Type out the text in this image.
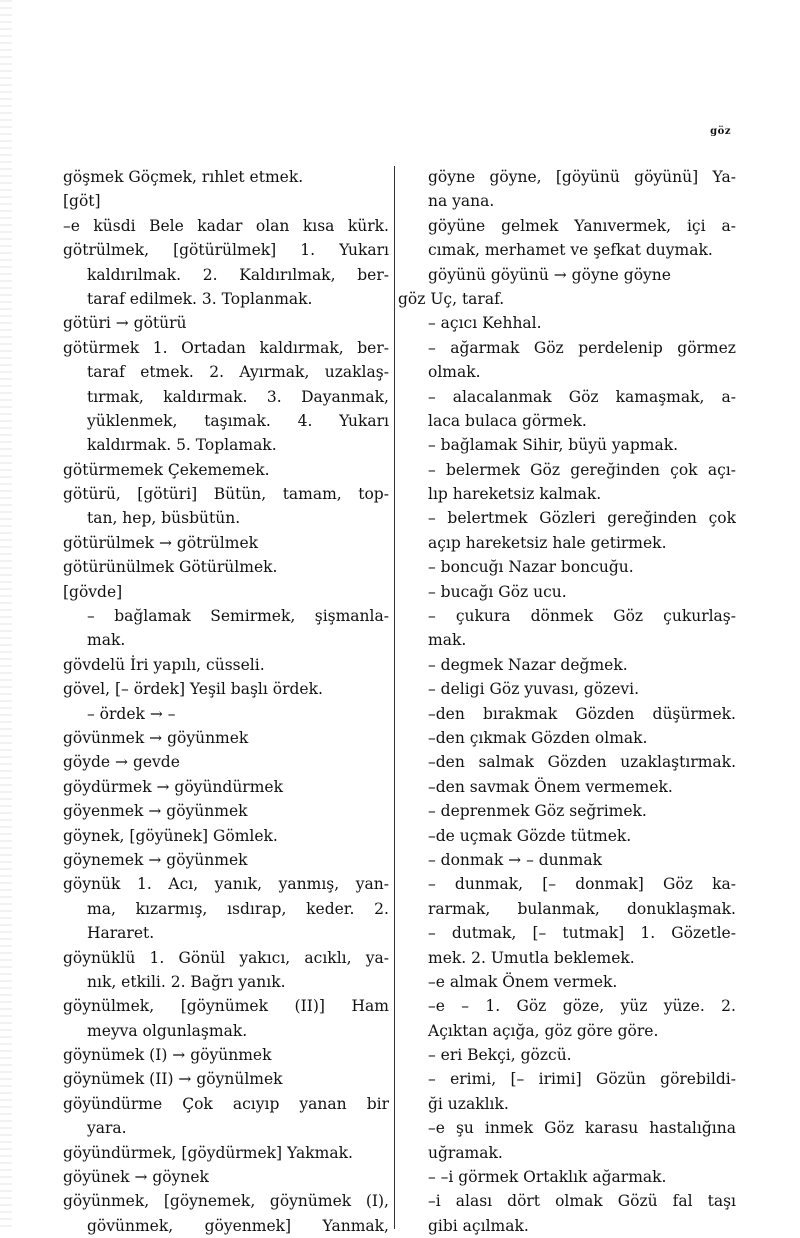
göz
göşmek Göçmek, rıhlet etmek.
[göt]
–e küsdi Bele kadar olan kısa kürk.
götrülmek, [götürülmek] 1. Yukarı
kaldırılmak. 2. Kaldırılmak, ber-
taraf edilmek. 3. Toplanmak.
götüri → götürü
götürmek 1. Ortadan kaldırmak, ber-
taraf etmek. 2. Ayırmak, uzaklaş-
tırmak, kaldırmak. 3. Dayanmak,
yüklenmek, taşımak. 4. Yukarı
kaldırmak. 5. Toplamak.
götürmemek Çekememek.
götürü, [götüri] Bütün, tamam, top-
tan, hep, büsbütün.
götürülmek → götrülmek
götürünülmek Götürülmek.
[gövde]
– bağlamak Semirmek, şişmanla-
mak.
gövdelü İri yapılı, cüsseli.
gövel, [– ördek] Yeşil başlı ördek.
– ördek → –
gövünmek → göyünmek
göyde → gevde
göydürmek → göyündürmek
göyenmek → göyünmek
göynek, [göyünek] Gömlek.
göynemek → göyünmek
göynük 1. Acı, yanık, yanmış, yan-
ma, kızarmış, ısdırap, keder. 2.
Hararet.
göynüklü 1. Gönül yakıcı, acıklı, ya-
nık, etkili. 2. Bağrı yanık.
göynülmek, [göynümek (II)] Ham
meyva olgunlaşmak.
göynümek (I) → göyünmek
göynümek (II) → göynülmek
göyündürme Çok acıyıp yanan bir
yara.
göyündürmek, [göydürmek] Yakmak.
göyünek → göynek
göyünmek, [göynemek, göynümek (I),
gövünmek, göyenmek] Yanmak,
göyne göyne, [göyünü göyünü] Ya-
na yana.
göyüne gelmek Yanıvermek, içi a-
cımak, merhamet ve şefkat duymak.
göyünü göyünü → göyne göyne
göz Uç, taraf.
– açıcı Kehhal.
– ağarmak Göz perdelenip görmez
olmak.
– alacalanmak Göz kamaşmak, a-
laca bulaca görmek.
– bağlamak Sihir, büyü yapmak.
– belermek Göz gereğinden çok açı-
lıp hareketsiz kalmak.
– belertmek Gözleri gereğinden çok
açıp hareketsiz hale getirmek.
– boncuğı Nazar boncuğu.
– bucağı Göz ucu.
– çukura dönmek Göz çukurlaş-
mak.
– degmek Nazar değmek.
– deligi Göz yuvası, gözevi.
–den bırakmak Gözden düşürmek.
–den çıkmak Gözden olmak.
–den salmak Gözden uzaklaştırmak.
–den savmak Önem vermemek.
– deprenmek Göz seğrimek.
–de uçmak Gözde tütmek.
– donmak → – dunmak
– dunmak, [– donmak] Göz ka-
rarmak, bulanmak, donuklaşmak.
– dutmak, [– tutmak] 1. Gözetle-
mek. 2. Umutla beklemek.
–e almak Önem vermek.
–e – 1. Göz göze, yüz yüze. 2.
Açıktan açığa, göz göre göre.
– eri Bekçi, gözcü.
– erimi, [– irimi] Gözün görebildi-
ği uzaklık.
–e şu inmek Göz karasu hastalığına
uğramak.
– –i görmek Ortaklık ağarmak.
–i alası dört olmak Gözü fal taşı
gibi açılmak.
